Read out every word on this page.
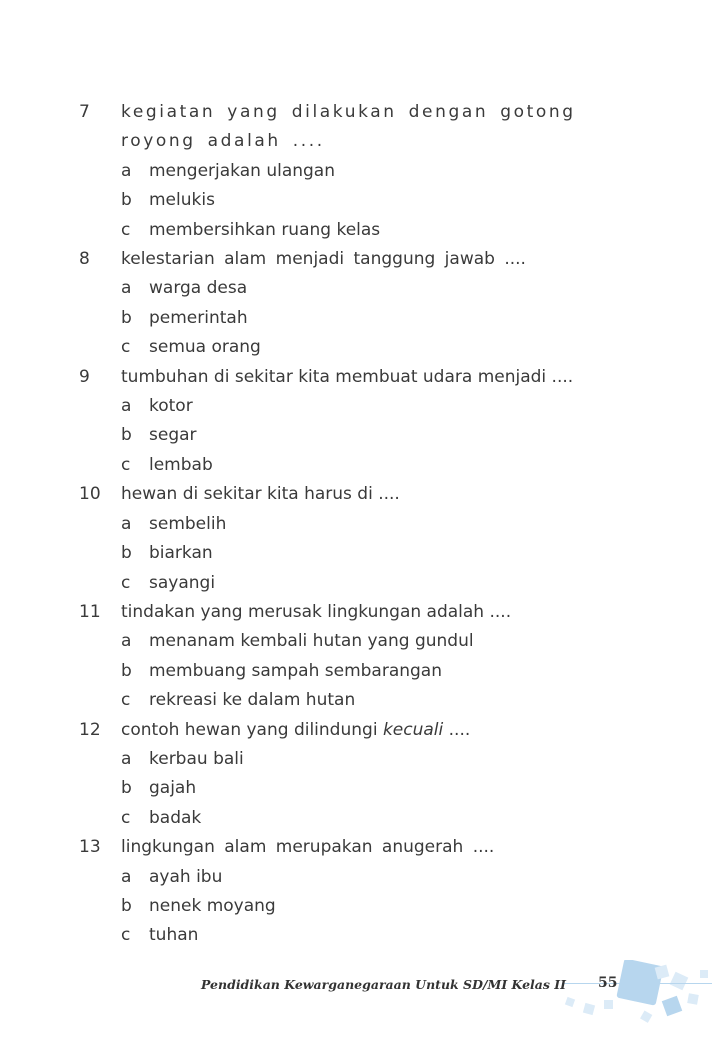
7	kegiatan yang dilakukan dengan gotong royong adalah ....
a	mengerjakan ulangan
b	melukis
c	membersihkan ruang kelas
8	kelestarian alam menjadi tanggung jawab ....
a	warga desa
b	pemerintah
c	semua orang
9	tumbuhan di sekitar kita membuat udara menjadi ....
a	kotor
b	segar
c	lembab
10	hewan di sekitar kita harus di ....
a	sembelih
b	biarkan
c	sayangi
11	tindakan yang merusak lingkungan adalah ....
a	menanam kembali hutan yang gundul
b	membuang sampah sembarangan
c	rekreasi ke dalam hutan
12	contoh hewan yang dilindungi kecuali ....
a	kerbau bali
b	gajah
c	badak
13	lingkungan alam merupakan anugerah ....
a	ayah ibu
b	nenek moyang
c	tuhan
Pendidikan Kewarganegaraan Untuk SD/MI Kelas II 55
